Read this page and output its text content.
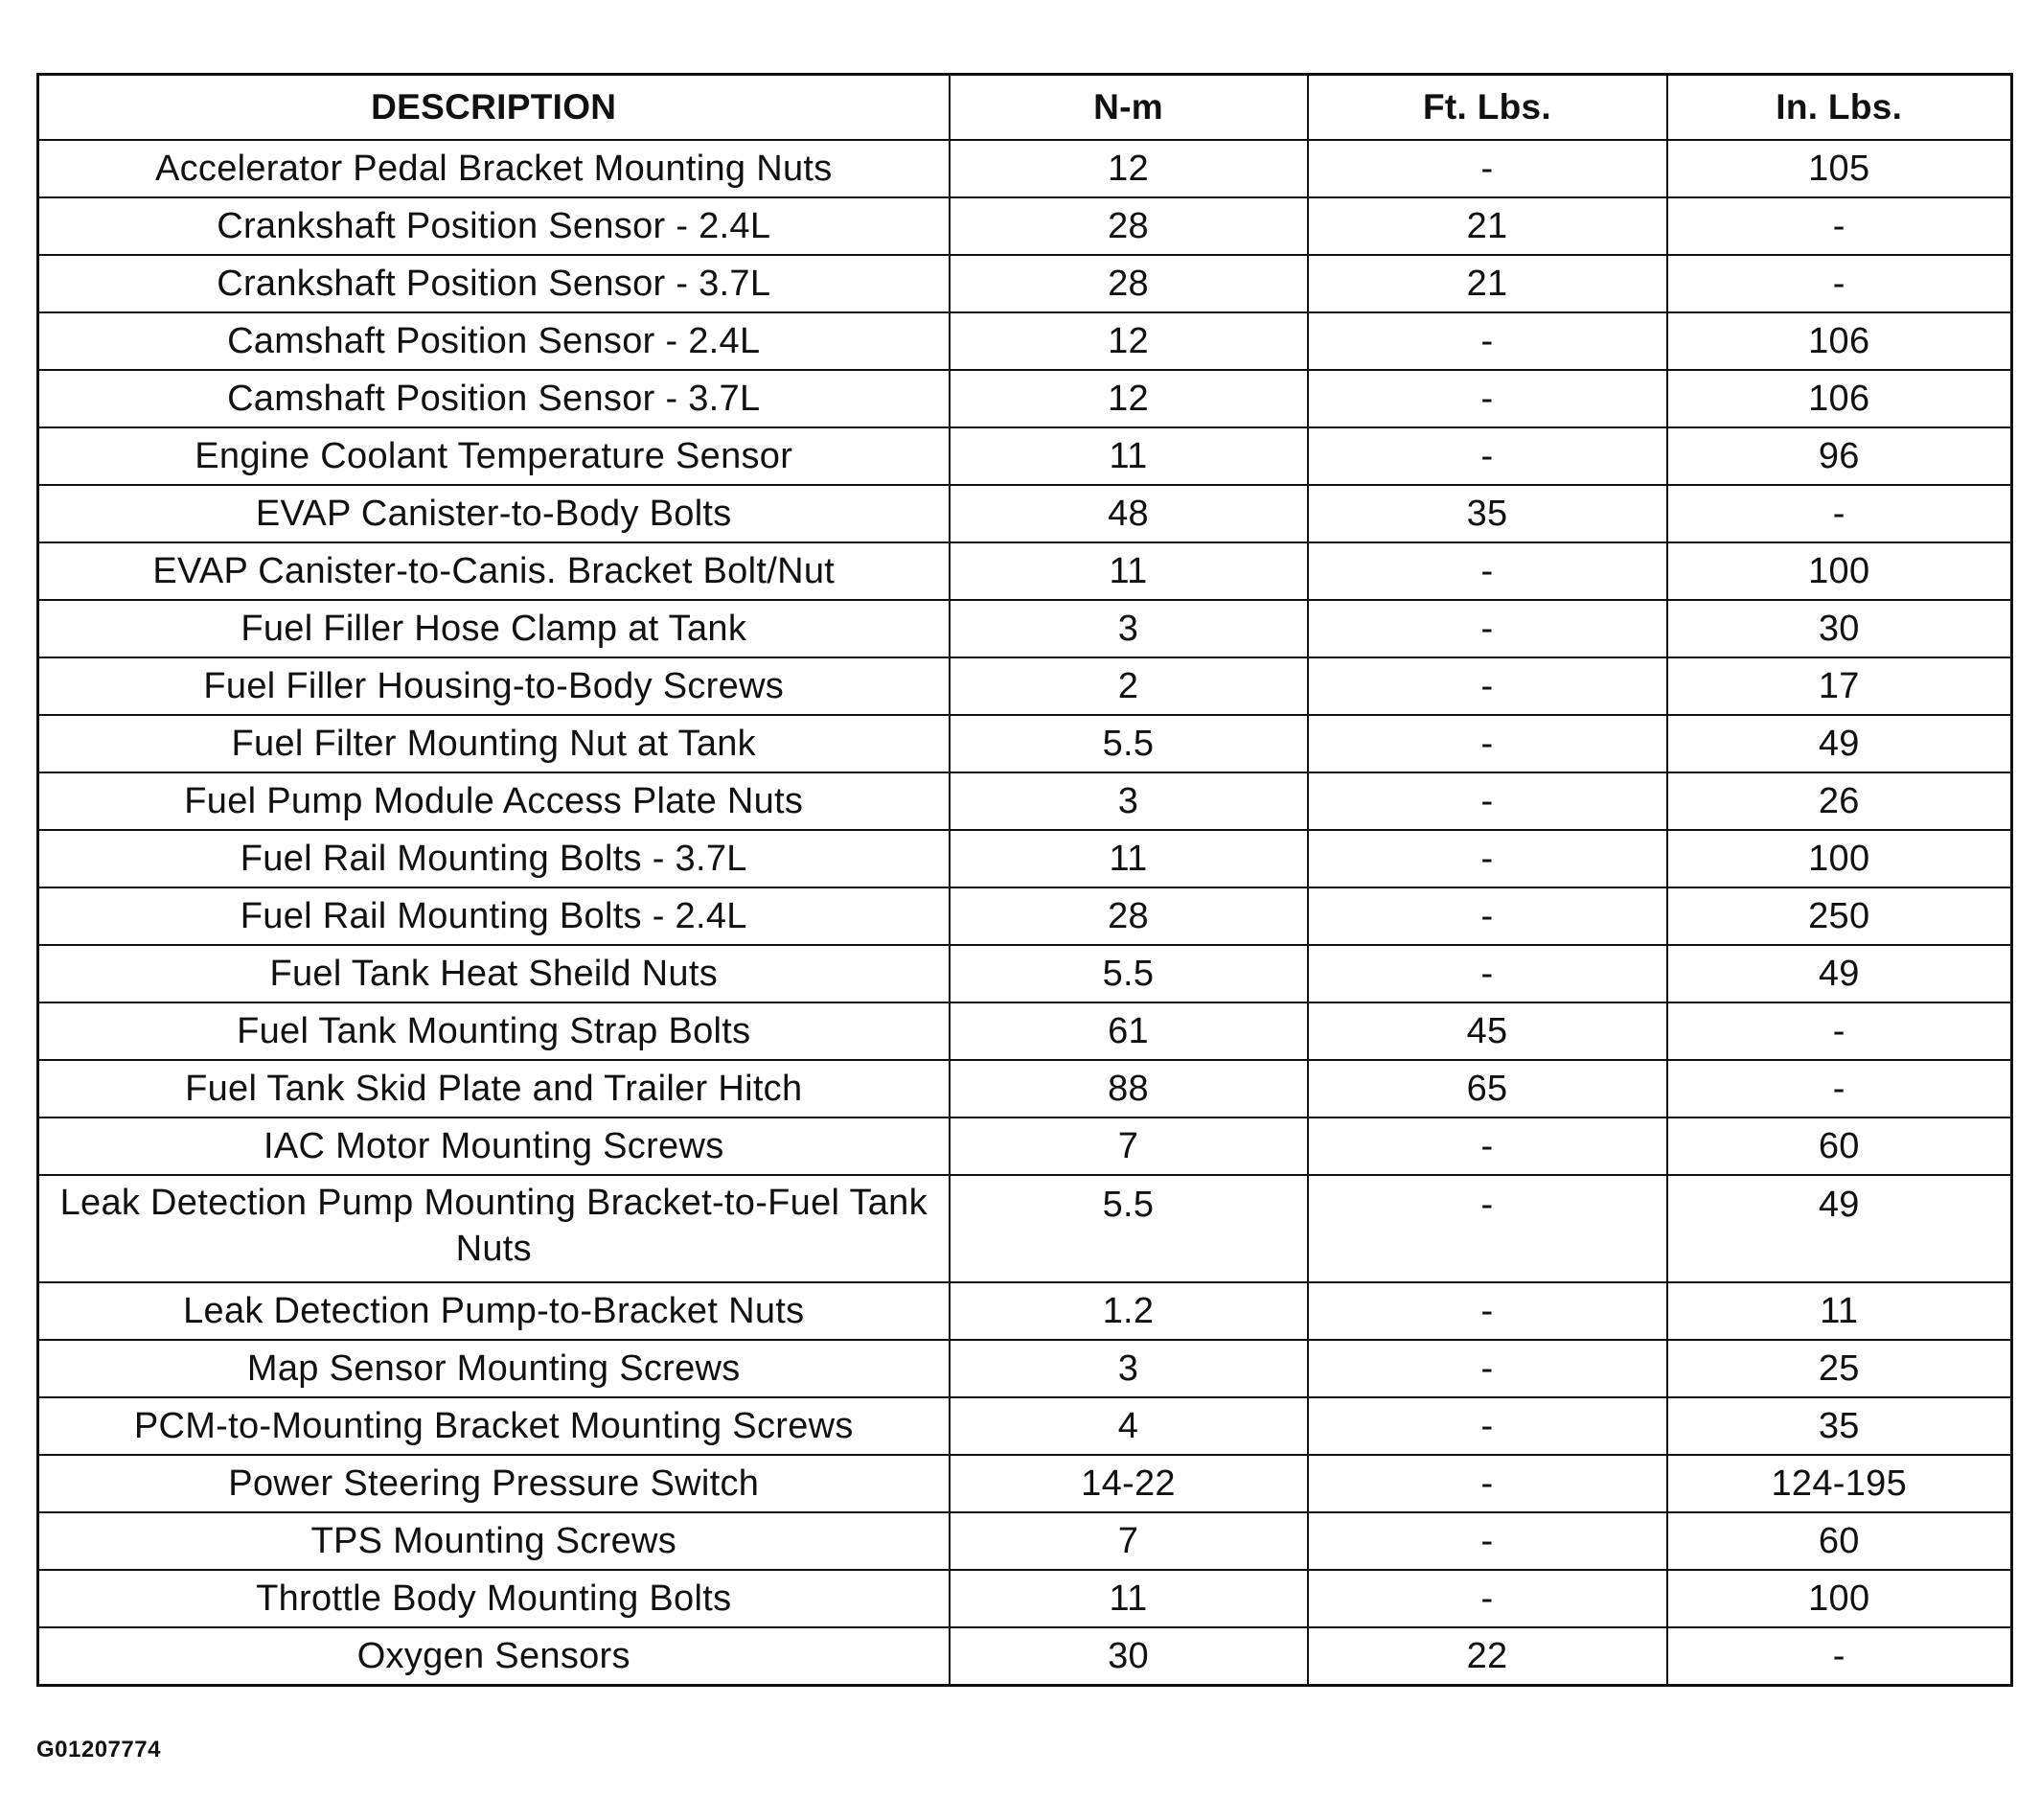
DESCRIPTION	N-m	Ft. Lbs.	In. Lbs.
Accelerator Pedal Bracket Mounting Nuts	12	-	105
Crankshaft Position Sensor - 2.4L	28	21	-
Crankshaft Position Sensor - 3.7L	28	21	-
Camshaft Position Sensor - 2.4L	12	-	106
Camshaft Position Sensor - 3.7L	12	-	106
Engine Coolant Temperature Sensor	11	-	96
EVAP Canister-to-Body Bolts	48	35	-
EVAP Canister-to-Canis. Bracket Bolt/Nut	11	-	100
Fuel Filler Hose Clamp at Tank	3	-	30
Fuel Filler Housing-to-Body Screws	2	-	17
Fuel Filter Mounting Nut at Tank	5.5	-	49
Fuel Pump Module Access Plate Nuts	3	-	26
Fuel Rail Mounting Bolts - 3.7L	11	-	100
Fuel Rail Mounting Bolts - 2.4L	28	-	250
Fuel Tank Heat Sheild Nuts	5.5	-	49
Fuel Tank Mounting Strap Bolts	61	45	-
Fuel Tank Skid Plate and Trailer Hitch	88	65	-
IAC Motor Mounting Screws	7	-	60
Leak Detection Pump Mounting Bracket-to-Fuel Tank Nuts	5.5	-	49
Leak Detection Pump-to-Bracket Nuts	1.2	-	11
Map Sensor Mounting Screws	3	-	25
PCM-to-Mounting Bracket Mounting Screws	4	-	35
Power Steering Pressure Switch	14-22	-	124-195
TPS Mounting Screws	7	-	60
Throttle Body Mounting Bolts	11	-	100
Oxygen Sensors	30	22	-
G01207774
